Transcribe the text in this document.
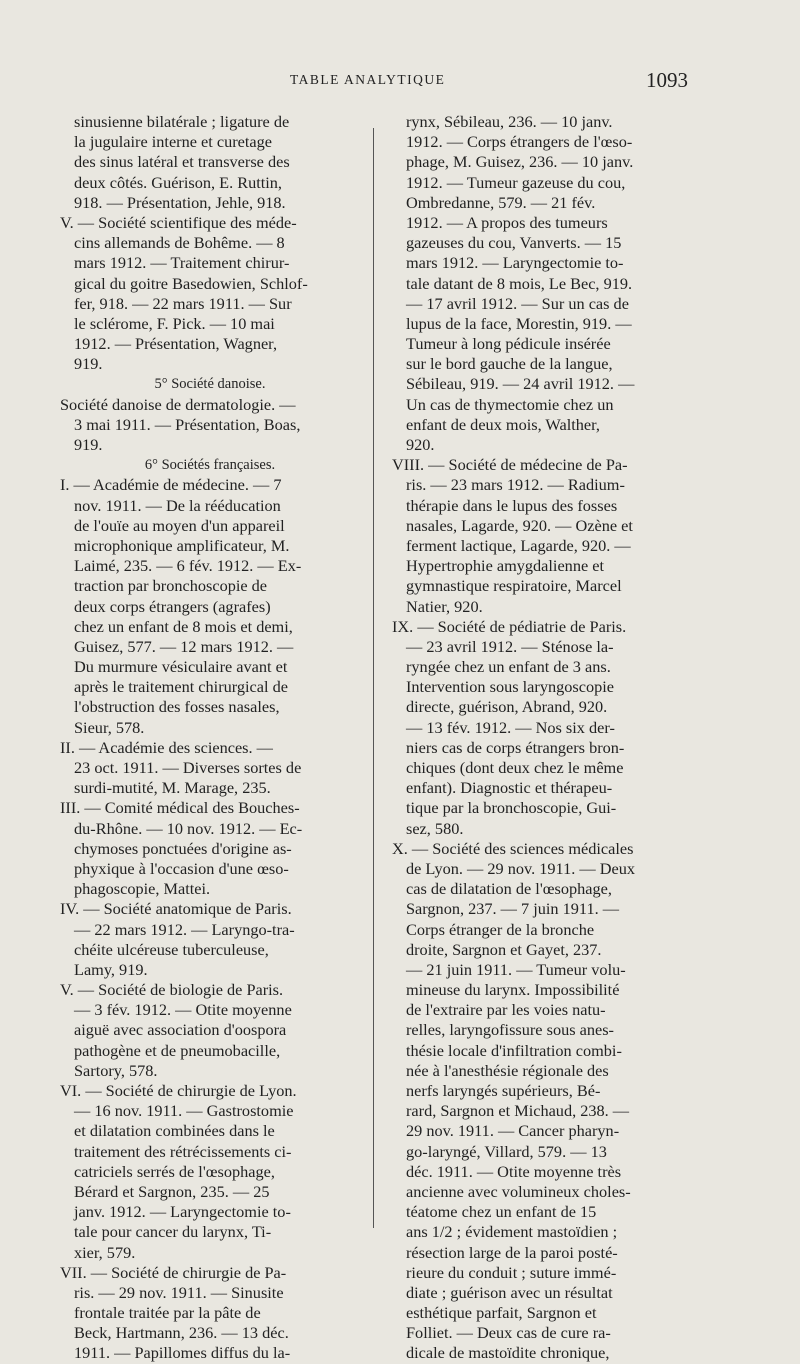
TABLE ANALYTIQUE	1093
sinusienne bilatérale ; ligature de
la jugulaire interne et curetage
des sinus latéral et transverse des
deux côtés. Guérison, E. Ruttin,
918. — Présentation, Jehle, 918.
V. — Société scientifique des méde-
cins allemands de Bohême. — 8
mars 1912. — Traitement chirur-
gical du goitre Basedowien, Schlof-
fer, 918. — 22 mars 1911. — Sur
le sclérome, F. Pick. — 10 mai
1912. — Présentation, Wagner,
919.
5° Société danoise.
Société danoise de dermatologie. —
3 mai 1911. — Présentation, Boas,
919.
6° Sociétés françaises.
I. — Académie de médecine. — 7
nov. 1911. — De la rééducation
de l'ouïe au moyen d'un appareil
microphonique amplificateur, M.
Laimé, 235. — 6 fév. 1912. — Ex-
traction par bronchoscopie de
deux corps étrangers (agrafes)
chez un enfant de 8 mois et demi,
Guisez, 577. — 12 mars 1912. —
Du murmure vésiculaire avant et
après le traitement chirurgical de
l'obstruction des fosses nasales,
Sieur, 578.
II. — Académie des sciences. —
23 oct. 1911. — Diverses sortes de
surdi-mutité, M. Marage, 235.
III. — Comité médical des Bouches-
du-Rhône. — 10 nov. 1912. — Ec-
chymoses ponctuées d'origine as-
phyxique à l'occasion d'une œso-
phagoscopie, Mattei.
IV. — Société anatomique de Paris.
— 22 mars 1912. — Laryngo-tra-
chéite ulcéreuse tuberculeuse,
Lamy, 919.
V. — Société de biologie de Paris.
— 3 fév. 1912. — Otite moyenne
aiguë avec association d'oospora
pathogène et de pneumobacille,
Sartory, 578.
VI. — Société de chirurgie de Lyon.
— 16 nov. 1911. — Gastrostomie
et dilatation combinées dans le
traitement des rétrécissements ci-
catriciels serrés de l'œsophage,
Bérard et Sargnon, 235. — 25
janv. 1912. — Laryngectomie to-
tale pour cancer du larynx, Ti-
xier, 579.
VII. — Société de chirurgie de Pa-
ris. — 29 nov. 1911. — Sinusite
frontale traitée par la pâte de
Beck, Hartmann, 236. — 13 déc.
1911. — Papillomes diffus du la-
rynx, Sébileau, 236. — 10 janv.
1912. — Corps étrangers de l'œso-
phage, M. Guisez, 236. — 10 janv.
1912. — Tumeur gazeuse du cou,
Ombredanne, 579. — 21 fév.
1912. — A propos des tumeurs
gazeuses du cou, Vanverts. — 15
mars 1912. — Laryngectomie to-
tale datant de 8 mois, Le Bec, 919.
— 17 avril 1912. — Sur un cas de
lupus de la face, Morestin, 919. —
Tumeur à long pédicule insérée
sur le bord gauche de la langue,
Sébileau, 919. — 24 avril 1912. —
Un cas de thymectomie chez un
enfant de deux mois, Walther,
920.
VIII. — Société de médecine de Pa-
ris. — 23 mars 1912. — Radium-
thérapie dans le lupus des fosses
nasales, Lagarde, 920. — Ozène et
ferment lactique, Lagarde, 920. —
Hypertrophie amygdalienne et
gymnastique respiratoire, Marcel
Natier, 920.
IX. — Société de pédiatrie de Paris.
— 23 avril 1912. — Sténose la-
ryngée chez un enfant de 3 ans.
Intervention sous laryngoscopie
directe, guérison, Abrand, 920.
— 13 fév. 1912. — Nos six der-
niers cas de corps étrangers bron-
chiques (dont deux chez le même
enfant). Diagnostic et thérapeu-
tique par la bronchoscopie, Gui-
sez, 580.
X. — Société des sciences médicales
de Lyon. — 29 nov. 1911. — Deux
cas de dilatation de l'œsophage,
Sargnon, 237. — 7 juin 1911. —
Corps étranger de la bronche
droite, Sargnon et Gayet, 237.
— 21 juin 1911. — Tumeur volu-
mineuse du larynx. Impossibilité
de l'extraire par les voies natu-
relles, laryngofissure sous anes-
thésie locale d'infiltration combi-
née à l'anesthésie régionale des
nerfs laryngés supérieurs, Bé-
rard, Sargnon et Michaud, 238. —
29 nov. 1911. — Cancer pharyn-
go-laryngé, Villard, 579. — 13
déc. 1911. — Otite moyenne très
ancienne avec volumineux choles-
téatome chez un enfant de 15
ans 1/2 ; évidement mastoïdien ;
résection large de la paroi posté-
rieure du conduit ; suture immé-
diate ; guérison avec un résultat
esthétique parfait, Sargnon et
Folliet. — Deux cas de cure ra-
dicale de mastoïdite chronique,
